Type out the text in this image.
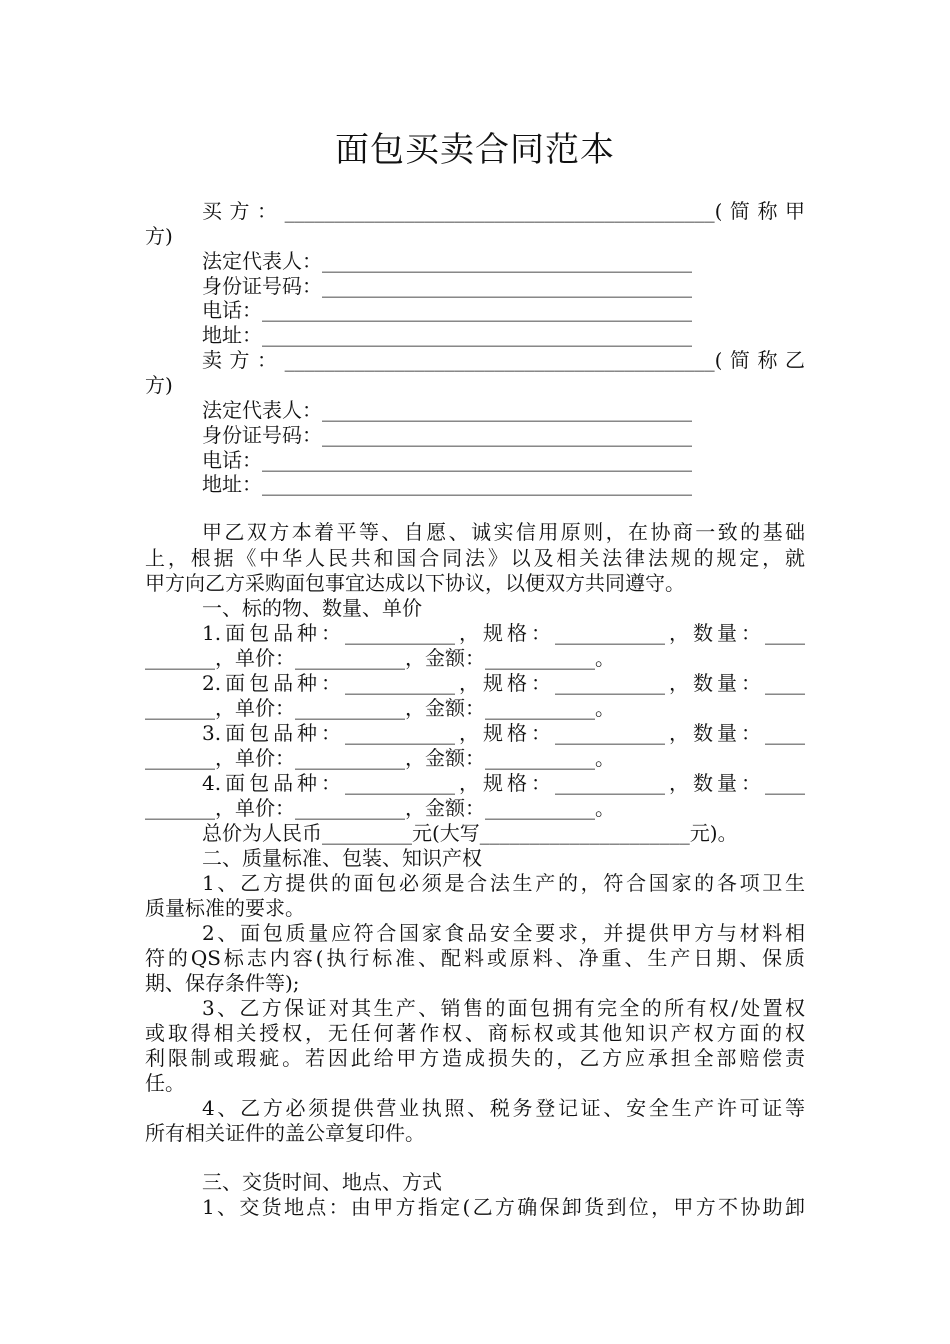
面包买卖合同范本
买方：___________________________________________(简称甲
方)
法定代表人：_____________________________________
身份证号码：_____________________________________
电话：___________________________________________
地址：___________________________________________
卖方：___________________________________________(简称乙
方)
法定代表人：_____________________________________
身份证号码：_____________________________________
电话：___________________________________________
地址：___________________________________________
甲乙双方本着平等、自愿、诚实信用原则，在协商一致的基础
上，根据《中华人民共和国合同法》以及相关法律法规的规定，就
甲方向乙方采购面包事宜达成以下协议，以便双方共同遵守。
一、标的物、数量、单价
1.面包品种：___________，规格：___________，数量：____
_______，单价：___________，金额：___________。
2.面包品种：___________，规格：___________，数量：____
_______，单价：___________，金额：___________。
3.面包品种：___________，规格：___________，数量：____
_______，单价：___________，金额：___________。
4.面包品种：___________，规格：___________，数量：____
_______，单价：___________，金额：___________。
总价为人民币_________元(大写_____________________元)。
二、质量标准、包装、知识产权
1、乙方提供的面包必须是合法生产的，符合国家的各项卫生
质量标准的要求。
2、面包质量应符合国家食品安全要求，并提供甲方与材料相
符的QS标志内容(执行标准、配料或原料、净重、生产日期、保质
期、保存条件等);
3、乙方保证对其生产、销售的面包拥有完全的所有权/处置权
或取得相关授权，无任何著作权、商标权或其他知识产权方面的权
利限制或瑕疵。若因此给甲方造成损失的，乙方应承担全部赔偿责
任。
4、乙方必须提供营业执照、税务登记证、安全生产许可证等
所有相关证件的盖公章复印件。
三、交货时间、地点、方式
1、交货地点：由甲方指定(乙方确保卸货到位，甲方不协助卸
